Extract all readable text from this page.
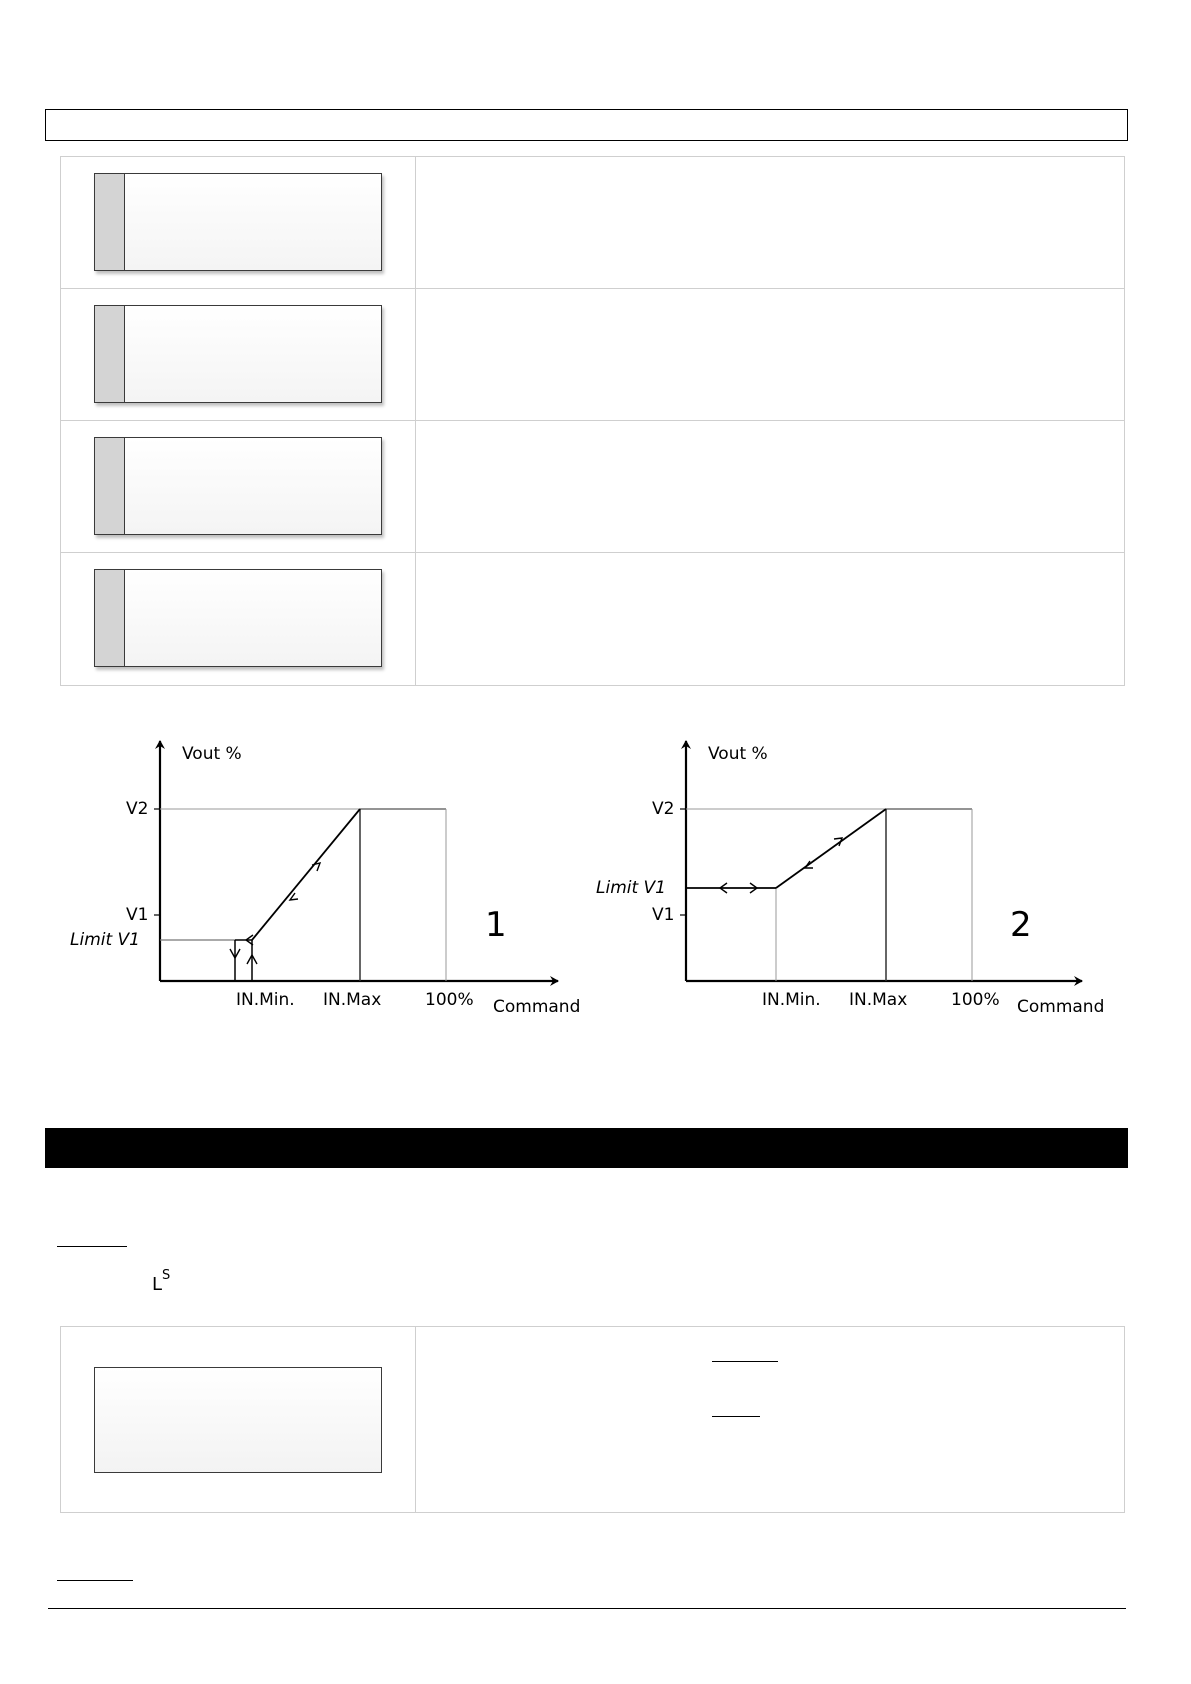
Vout %
V2
V1
Limit V1
IN.Min. IN.Max	100% Command
1
Vout %
V2
V1
Limit V1
IN.Min. IN.Max	100% Command
2
$L^S$
